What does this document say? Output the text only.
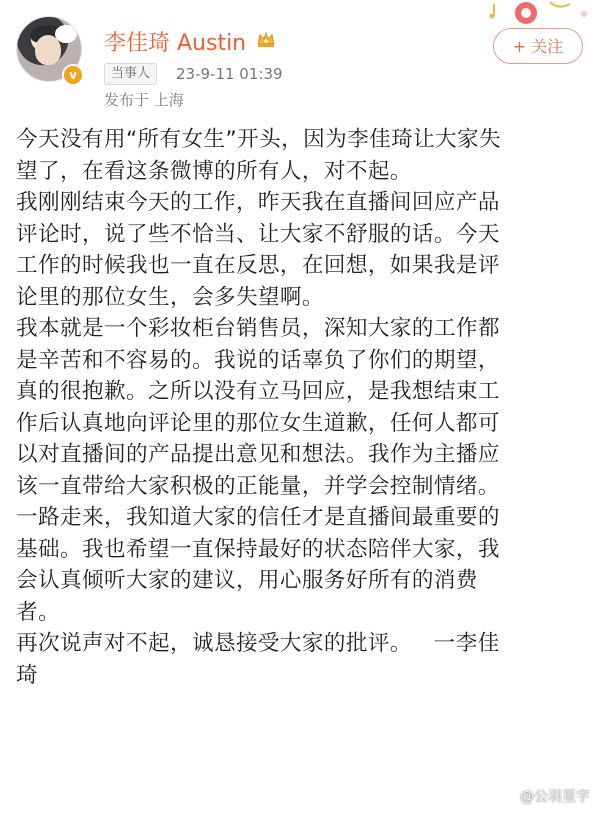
v
李佳琦 Austin
当事人	23-9-11 01:39
发布于 上海
+ 关注

今天没有用“所有女生”开头，因为李佳琦让大家失
望了，在看这条微博的所有人，对不起。
我刚刚结束今天的工作，昨天我在直播间回应产品
评论时，说了些不恰当、让大家不舒服的话。今天
工作的时候我也一直在反思，在回想，如果我是评
论里的那位女生，会多失望啊。
我本就是一个彩妆柜台销售员，深知大家的工作都
是辛苦和不容易的。我说的话辜负了你们的期望，
真的很抱歉。之所以没有立马回应，是我想结束工
作后认真地向评论里的那位女生道歉，任何人都可
以对直播间的产品提出意见和想法。我作为主播应
该一直带给大家积极的正能量，并学会控制情绪。
一路走来，我知道大家的信任才是直播间最重要的
基础。我也希望一直保持最好的状态陪伴大家，我
会认真倾听大家的建议，用心服务好所有的消费
者。
再次说声对不起，诚恳接受大家的批评。   一李佳
琦

@公羽星宇
